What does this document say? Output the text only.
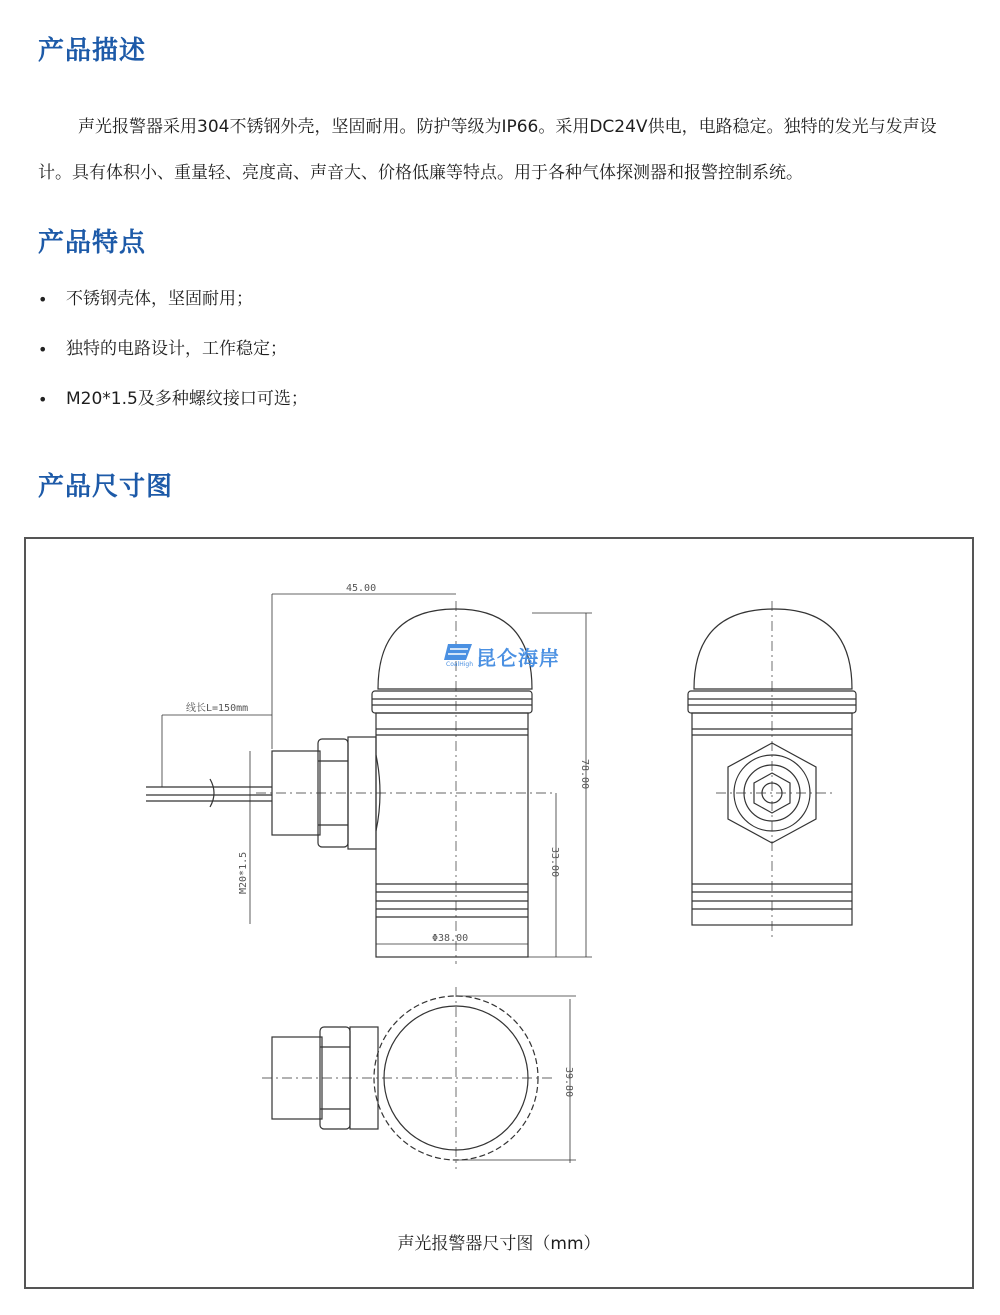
产品描述

声光报警器采用304不锈钢外壳，坚固耐用。防护等级为IP66。采用DC24V供电，电路稳定。独特的发光与发声设计。具有体积小、重量轻、亮度高、声音大、价格低廉等特点。用于各种气体探测器和报警控制系统。

产品特点
• 不锈钢壳体，坚固耐用；
• 独特的电路设计，工作稳定；
• M20*1.5及多种螺纹接口可选；
产品尺寸图
45.00
线长L=150mm
78.00
33.00
M20*1.5
Φ38.00
39.80
昆仑海岸
CoalHigh
声光报警器尺寸图（mm）
